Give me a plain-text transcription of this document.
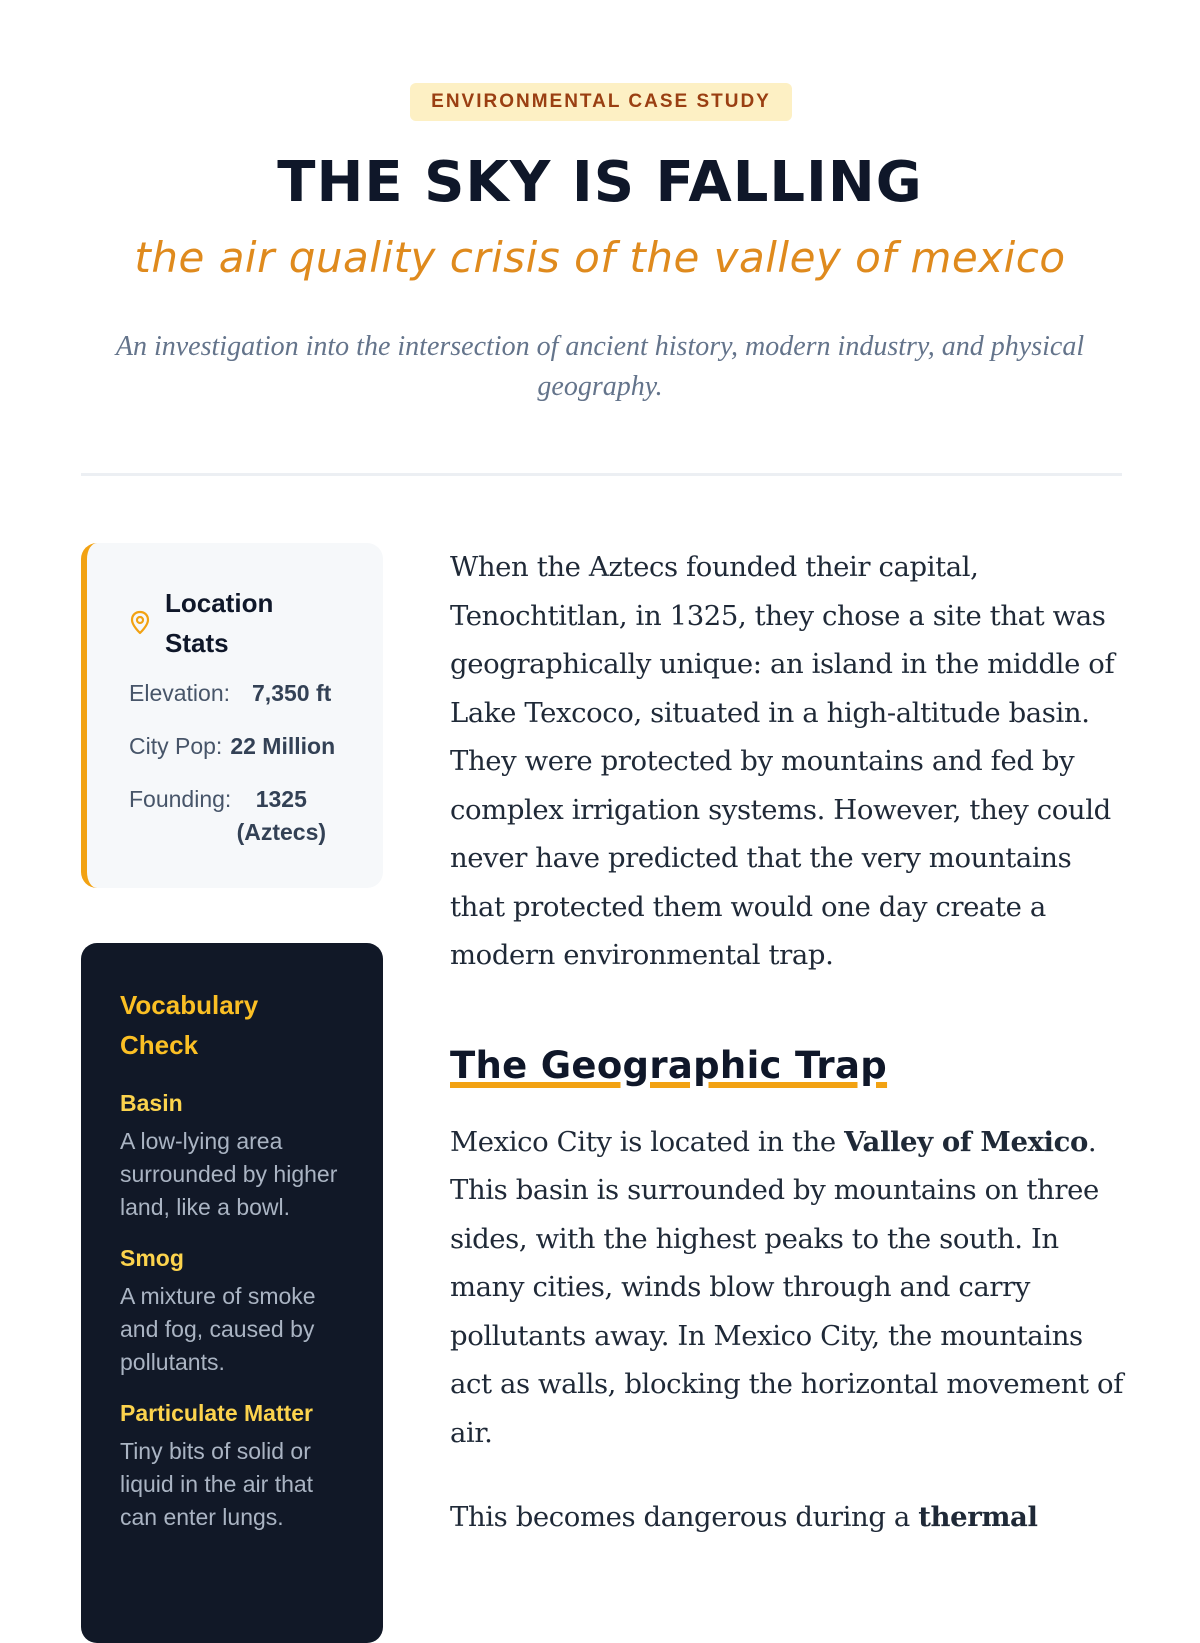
ENVIRONMENTAL CASE STUDY
THE SKY IS FALLING
the air quality crisis of the valley of mexico

An investigation into the intersection of ancient history, modern industry, and physical geography.

Location Stats
Elevation: 7,350 ft
City Pop: 22 Million
Founding:	1325 (Aztecs)
Vocabulary Check
Basin
A low-lying area surrounded by higher land, like a bowl.
Smog
A mixture of smoke and fog, caused by pollutants.
Particulate Matter
Tiny bits of solid or liquid in the air that can enter lungs.

When the Aztecs founded their capital, Tenochtitlan, in 1325, they chose a site that was geographically unique: an island in the middle of Lake Texcoco, situated in a high-altitude basin. They were protected by mountains and fed by complex irrigation systems. However, they could never have predicted that the very mountains that protected them would one day create a modern environmental trap.

The Geographic Trap

Mexico City is located in the Valley of Mexico. This basin is surrounded by mountains on three sides, with the highest peaks to the south. In many cities, winds blow through and carry pollutants away. In Mexico City, the mountains act as walls, blocking the horizontal movement of air.

This becomes dangerous during a thermal
